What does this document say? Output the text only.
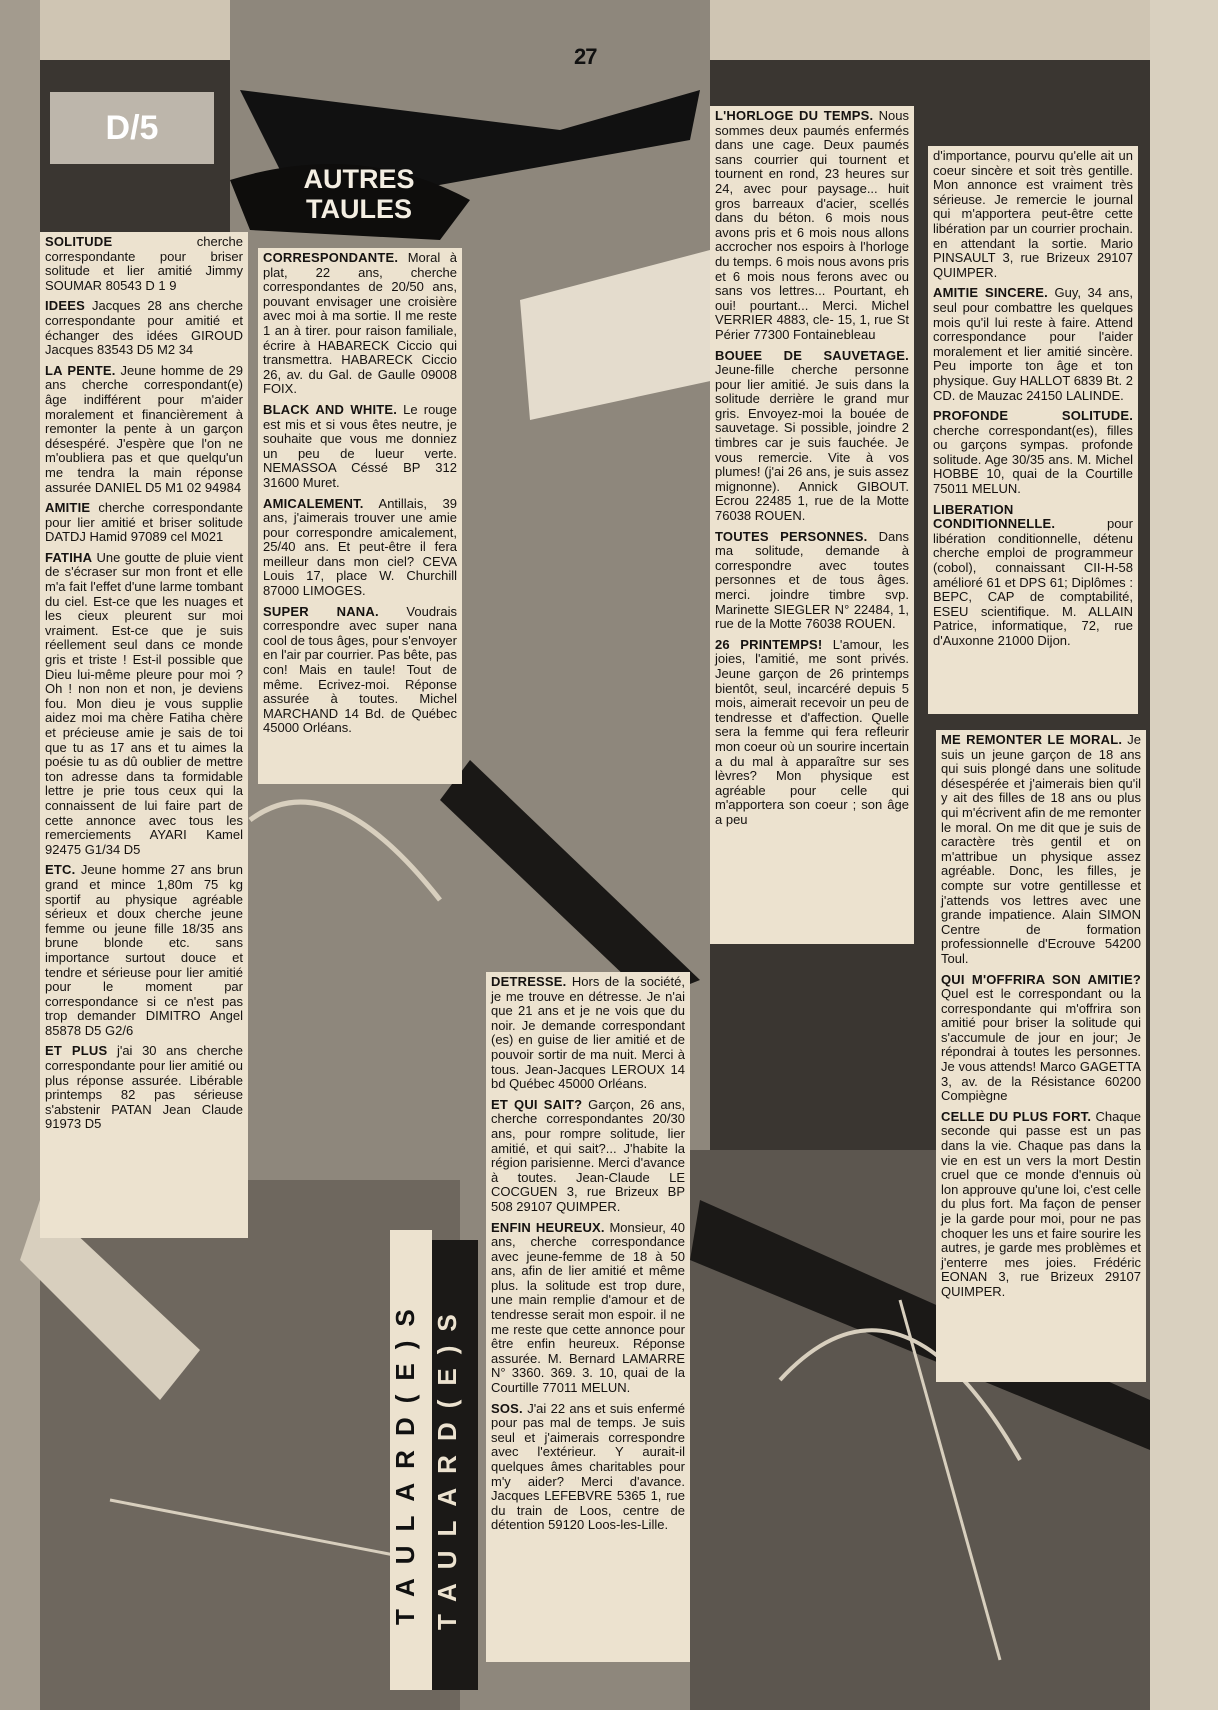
27
D/5
AUTRES TAULES

SOLITUDE cherche correspondante pour briser solitude et lier amitié Jimmy SOUMAR 80543 D 1 9

IDEES Jacques 28 ans cherche correspondante pour amitié et échanger des idées GIROUD Jacques 83543 D5 M2 34

LA PENTE. Jeune homme de 29 ans cherche correspondant(e) âge indifférent pour m'aider moralement et financièrement à remonter la pente à un garçon désespéré. J'espère que l'on ne m'oubliera pas et que quelqu'un me tendra la main réponse assurée DANIEL D5 M1 02 94984

AMITIE cherche correspondante pour lier amitié et briser solitude DATDJ Hamid 97089 cel M021

FATIHA Une goutte de pluie vient de s'écraser sur mon front et elle m'a fait l'effet d'une larme tombant du ciel. Est-ce que les nuages et les cieux pleurent sur moi vraiment. Est-ce que je suis réellement seul dans ce monde gris et triste ! Est-il possible que Dieu lui-même pleure pour moi ? Oh ! non non et non, je deviens fou. Mon dieu je vous supplie aidez moi ma chère Fatiha chère et précieuse amie je sais de toi que tu as 17 ans et tu aimes la poésie tu as dû oublier de mettre ton adresse dans ta formidable lettre je prie tous ceux qui la connaissent de lui faire part de cette annonce avec tous les remerciements AYARI Kamel 92475 G1/34 D5

ETC. Jeune homme 27 ans brun grand et mince 1,80m 75 kg sportif au physique agréable sérieux et doux cherche jeune femme ou jeune fille 18/35 ans brune blonde etc. sans importance surtout douce et tendre et sérieuse pour lier amitié pour le moment par correspondance si ce n'est pas trop demander DIMITRO Angel 85878 D5 G2/6

ET PLUS j'ai 30 ans cherche correspondante pour lier amitié ou plus réponse assurée. Libérable printemps 82 pas sérieuse s'abstenir PATAN Jean Claude 91973 D5

CORRESPONDANTE. Moral à plat, 22 ans, cherche correspondantes de 20/50 ans, pouvant envisager une croisière avec moi à ma sortie. Il me reste 1 an à tirer. pour raison familiale, écrire à HABARECK Ciccio qui transmettra. HABARECK Ciccio 26, av. du Gal. de Gaulle 09008 FOIX.

BLACK AND WHITE. Le rouge est mis et si vous êtes neutre, je souhaite que vous me donniez un peu de lueur verte. NEMASSOA Céssé BP 312 31600 Muret.

AMICALEMENT. Antillais, 39 ans, j'aimerais trouver une amie pour correspondre amicalement, 25/40 ans. Et peut-être il fera meilleur dans mon ciel? CEVA Louis 17, place W. Churchill 87000 LIMOGES.

SUPER NANA. Voudrais correspondre avec super nana cool de tous âges, pour s'envoyer en l'air par courrier. Pas bête, pas con! Mais en taule! Tout de même. Ecrivez-moi. Réponse assurée à toutes. Michel MARCHAND 14 Bd. de Québec 45000 Orléans.

L'HORLOGE DU TEMPS. Nous sommes deux paumés enfermés dans une cage. Deux paumés sans courrier qui tournent et tournent en rond, 23 heures sur 24, avec pour paysage... huit gros barreaux d'acier, scellés dans du béton. 6 mois nous avons pris et 6 mois nous allons accrocher nos espoirs à l'horloge du temps. 6 mois nous avons pris et 6 mois nous ferons avec ou sans vos lettres... Pourtant, eh oui! pourtant... Merci. Michel VERRIER 4883, cle- 15, 1, rue St Périer 77300 Fontainebleau

BOUEE DE SAUVETAGE. Jeune-fille cherche personne pour lier amitié. Je suis dans la solitude derrière le grand mur gris. Envoyez-moi la bouée de sauvetage. Si possible, joindre 2 timbres car je suis fauchée. Je vous remercie. Vite à vos plumes! (j'ai 26 ans, je suis assez mignonne). Annick GIBOUT. Ecrou 22485 1, rue de la Motte 76038 ROUEN.

TOUTES PERSONNES. Dans ma solitude, demande à correspondre avec toutes personnes et de tous âges. merci. joindre timbre svp. Marinette SIEGLER N° 22484, 1, rue de la Motte 76038 ROUEN.

26 PRINTEMPS! L'amour, les joies, l'amitié, me sont privés. Jeune garçon de 26 printemps bientôt, seul, incarcéré depuis 5 mois, aimerait recevoir un peu de tendresse et d'affection. Quelle sera la femme qui fera refleurir mon coeur où un sourire incertain a du mal à apparaître sur ses lèvres? Mon physique est agréable pour celle qui m'apportera son coeur ; son âge a peu

DETRESSE. Hors de la société, je me trouve en détresse. Je n'ai que 21 ans et je ne vois que du noir. Je demande correspondant (es) en guise de lier amitié et de pouvoir sortir de ma nuit. Merci à tous. Jean-Jacques LEROUX 14 bd Québec 45000 Orléans.

ET QUI SAIT? Garçon, 26 ans, cherche correspondantes 20/30 ans, pour rompre solitude, lier amitié, et qui sait?... J'habite la région parisienne. Merci d'avance à toutes. Jean-Claude LE COCGUEN 3, rue Brizeux BP 508 29107 QUIMPER.

ENFIN HEUREUX. Monsieur, 40 ans, cherche correspondance avec jeune-femme de 18 à 50 ans, afin de lier amitié et même plus. la solitude est trop dure, une main remplie d'amour et de tendresse serait mon espoir. il ne me reste que cette annonce pour être enfin heureux. Réponse assurée. M. Bernard LAMARRE N° 3360. 369. 3. 10, quai de la Courtille 77011 MELUN.

SOS. J'ai 22 ans et suis enfermé pour pas mal de temps. Je suis seul et j'aimerais correspondre avec l'extérieur. Y aurait-il quelques âmes charitables pour m'y aider? Merci d'avance. Jacques LEFEBVRE 5365 1, rue du train de Loos, centre de détention 59120 Loos-les-Lille.

d'importance, pourvu qu'elle ait un coeur sincère et soit très gentille. Mon annonce est vraiment très sérieuse. Je remercie le journal qui m'apportera peut-être cette libération par un courrier prochain. en attendant la sortie. Mario PINSAULT 3, rue Brizeux 29107 QUIMPER.

AMITIE SINCERE. Guy, 34 ans, seul pour combattre les quelques mois qu'il lui reste à faire. Attend correspondance pour l'aider moralement et lier amitié sincère. Peu importe ton âge et ton physique. Guy HALLOT 6839 Bt. 2 CD. de Mauzac 24150 LALINDE.

PROFONDE SOLITUDE. cherche correspondant(es), filles ou garçons sympas. profonde solitude. Age 30/35 ans. M. Michel HOBBE 10, quai de la Courtille 75011 MELUN.

LIBERATION CONDITIONNELLE. pour libération conditionnelle, détenu cherche emploi de programmeur (cobol), connaissant CII-H-58 amélioré 61 et DPS 61; Diplômes : BEPC, CAP de comptabilité, ESEU scientifique. M. ALLAIN Patrice, informatique, 72, rue d'Auxonne 21000 Dijon.

ME REMONTER LE MORAL. Je suis un jeune garçon de 18 ans qui suis plongé dans une solitude désespérée et j'aimerais bien qu'il y ait des filles de 18 ans ou plus qui m'écrivent afin de me remonter le moral. On me dit que je suis de caractère très gentil et on m'attribue un physique assez agréable. Donc, les filles, je compte sur votre gentillesse et j'attends vos lettres avec une grande impatience. Alain SIMON Centre de formation professionnelle d'Ecrouve 54200 Toul.

QUI M'OFFRIRA SON AMITIE? Quel est le correspondant ou la correspondante qui m'offrira son amitié pour briser la solitude qui s'accumule de jour en jour; Je répondrai à toutes les personnes. Je vous attends! Marco GAGETTA 3, av. de la Résistance 60200 Compiègne

CELLE DU PLUS FORT. Chaque seconde qui passe est un pas dans la vie. Chaque pas dans la vie en est un vers la mort Destin cruel que ce monde d'ennuis où lon approuve qu'une loi, c'est celle du plus fort. Ma façon de penser je la garde pour moi, pour ne pas choquer les uns et faire sourire les autres, je garde mes problèmes et j'enterre mes joies. Frédéric EONAN 3, rue Brizeux 29107 QUIMPER.

TAULARD(E)S TAULARD(E)S
